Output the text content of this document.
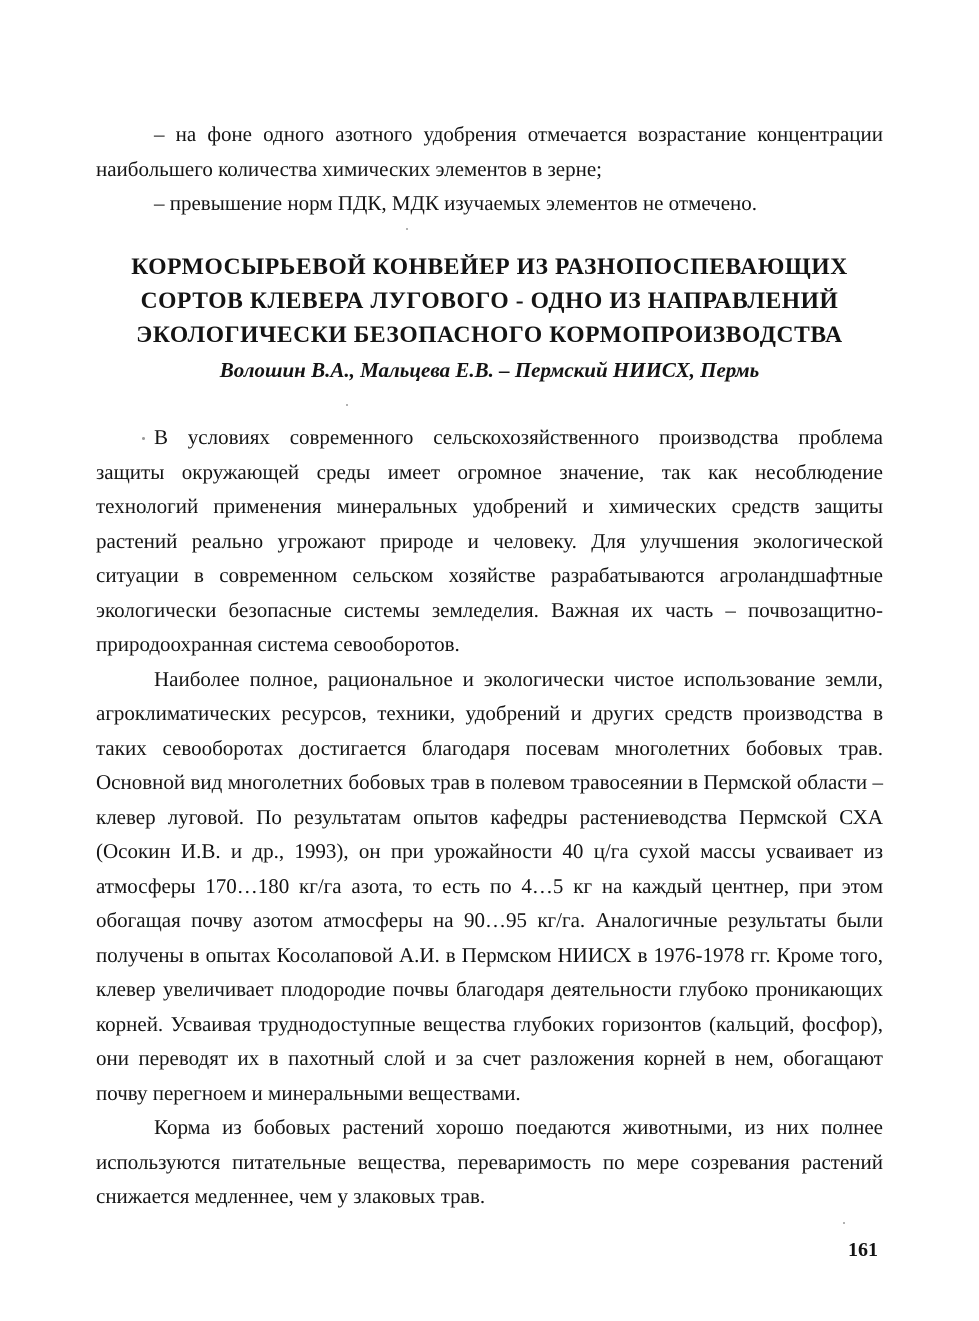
– на фоне одного азотного удобрения отмечается возрастание концентрации наибольшего количества химических элементов в зерне;

– превышение норм ПДК, МДК изучаемых элементов не отмечено.

КОРМОСЫРЬЕВОЙ КОНВЕЙЕР ИЗ РАЗНОПОСПЕВАЮЩИХ
СОРТОВ КЛЕВЕРА ЛУГОВОГО - ОДНО ИЗ НАПРАВЛЕНИЙ
ЭКОЛОГИЧЕСКИ БЕЗОПАСНОГО КОРМОПРОИЗВОДСТВА
Волошин В.А., Мальцева Е.В. – Пермский НИИСХ, Пермь

В условиях современного сельскохозяйственного производства проблема защиты окружающей среды имеет огромное значение, так как несоблюдение технологий применения минеральных удобрений и химических средств защиты растений реально угрожают природе и человеку. Для улучшения экологической ситуации в современном сельском хозяйстве разрабатываются агроландшафтные экологически безопасные системы земледелия. Важная их часть – почвозащитно-природоохранная система севооборотов.

Наиболее полное, рациональное и экологически чистое использование земли, агроклиматических ресурсов, техники, удобрений и других средств производства в таких севооборотах достигается благодаря посевам многолетних бобовых трав. Основной вид многолетних бобовых трав в полевом травосеянии в Пермской области – клевер луговой. По результатам опытов кафедры растениеводства Пермской СХА (Осокин И.В. и др., 1993), он при урожайности 40 ц/га сухой массы усваивает из атмосферы 170…180 кг/га азота, то есть по 4…5 кг на каждый центнер, при этом обогащая почву азотом атмосферы на 90…95 кг/га. Аналогичные результаты были получены в опытах Косолаповой А.И. в Пермском НИИСХ в 1976-1978 гг. Кроме того, клевер увеличивает плодородие почвы благодаря деятельности глубоко проникающих корней. Усваивая труднодоступные вещества глубоких горизонтов (кальций, фосфор), они переводят их в пахотный слой и за счет разложения корней в нем, обогащают почву перегноем и минеральными веществами.

Корма из бобовых растений хорошо поедаются животными, из них полнее используются питательные вещества, переваримость по мере созревания растений снижается медленнее, чем у злаковых трав.

161
